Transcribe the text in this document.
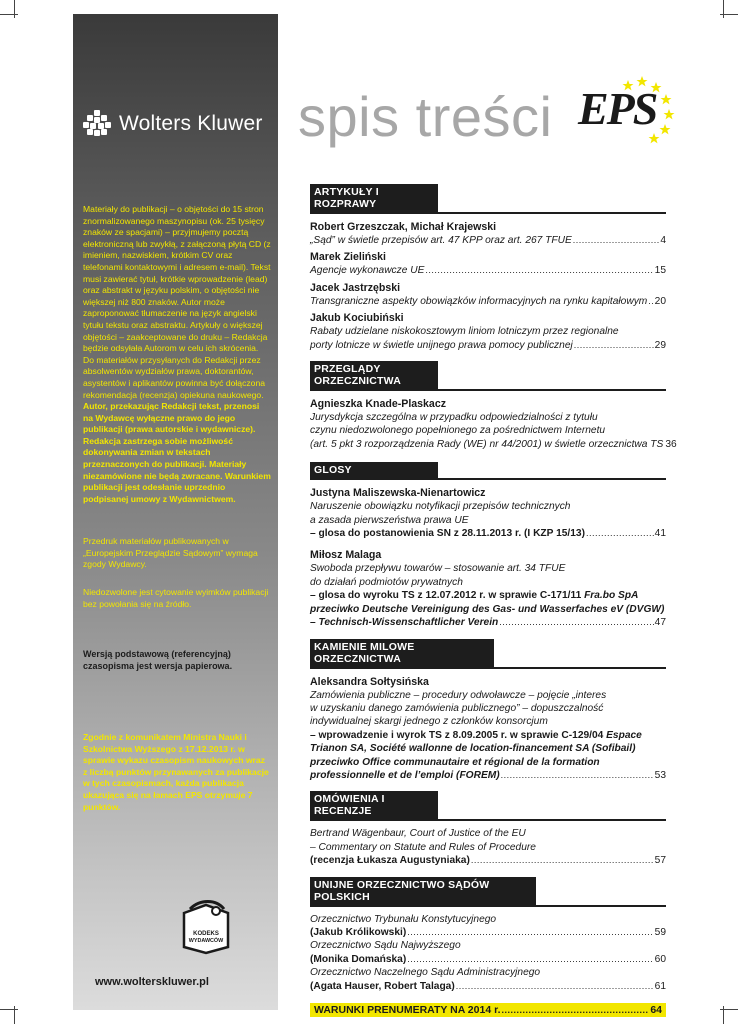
Wolters Kluwer
Materiały do publikacji – o objętości do 15 stron znormalizowanego maszynopisu (ok. 25 tysięcy znaków ze spacjami) – przyjmujemy pocztą elektroniczną lub zwykłą, z załączoną płytą CD (z imieniem, nazwiskiem, krótkim CV oraz telefonami kontaktowymi i adresem e-mail). Tekst musi zawierać tytuł, krótkie wprowadzenie (lead) oraz abstrakt w języku polskim, o objętości nie większej niż 800 znaków. Autor może zaproponować tłumaczenie na język angielski tytułu tekstu oraz abstraktu. Artykuły o większej objętości – zaakceptowane do druku – Redakcja będzie odsyłała Autorom w celu ich skrócenia. Do materiałów przysyłanych do Redakcji przez absolwentów wydziałów prawa, doktorantów, asystentów i aplikantów powinna być dołączona rekomendacja (recenzja) opiekuna naukowego. Autor, przekazując Redakcji tekst, przenosi na Wydawcę wyłączne prawo do jego publikacji (prawa autorskie i wydawnicze). Redakcja zastrzega sobie możliwość dokonywania zmian w tekstach przeznaczonych do publikacji. Materiały niezamówione nie będą zwracane. Warunkiem publikacji jest odesłanie uprzednio podpisanej umowy z Wydawnictwem.
Przedruk materiałów publikowanych w „Europejskim Przeglądzie Sądowym” wymaga zgody Wydawcy.
Niedozwolone jest cytowanie wyimków publikacji bez powołania się na źródło.
Wersją podstawową (referencyjną) czasopisma jest wersja papierowa.
Zgodnie z komunikatem Ministra Nauki i Szkolnictwa Wyższego z 17.12.2013 r. w sprawie wykazu czasopism naukowych wraz z liczbą punktów przynawanych za publikacje w tych czasopismach, każda publikacja ukazująca się na łamach EPS otrzymuje 7 punktów.
KODEKS
WYDAWCÓW
www.wolterskluwer.pl
spis treści EPS
ARTYKUŁY I ROZPRAWY
Robert Grzeszczak, Michał Krajewski
„Sąd” w świetle przepisów art. 47 KPP oraz art. 267 TFUE .....	4
Marek Zieliński
Agencje wykonawcze UE .....	15
Jacek Jastrzębski
Transgraniczne aspekty obowiązków informacyjnych na rynku kapitałowym ..... 20
Jakub Kociubiński
Rabaty udzielane niskokosztowym liniom lotniczym przez regionalne
porty lotnicze w świetle unijnego prawa pomocy publicznej .....	29
PRZEGLĄDY ORZECZNICTWA
Agnieszka Knade-Plaskacz
Jurysdykcja szczególna w przypadku odpowiedzialności z tytułu
czynu niedozwolonego popełnionego za pośrednictwem Internetu
(art. 5 pkt 3 rozporządzenia Rady (WE) nr 44/2001) w świetle orzecznictwa TS 36
GLOSY
Justyna Maliszewska-Nienartowicz
Naruszenie obowiązku notyfikacji przepisów technicznych
a zasada pierwszeństwa prawa UE
– glosa do postanowienia SN z 28.11.2013 r. (I KZP 15/13) .....	41
Miłosz Malaga
Swoboda przepływu towarów – stosowanie art. 34 TFUE
do działań podmiotów prywatnych
– glosa do wyroku TS z 12.07.2012 r. w sprawie C-171/11 Fra.bo SpA
przeciwko Deutsche Vereinigung des Gas- und Wasserfaches eV (DVGW)
– Technisch-Wissenschaftlicher Verein .....	47
KAMIENIE MILOWE ORZECZNICTWA
Aleksandra Sołtysińska
Zamówienia publiczne – procedury odwoławcze – pojęcie „interes
w uzyskaniu danego zamówienia publicznego” – dopuszczalność
indywidualnej skargi jednego z członków konsorcjum
– wprowadzenie i wyrok TS z 8.09.2005 r. w sprawie C-129/04 Espace
Trianon SA, Société wallonne de location-financement SA (Sofibail)
przeciwko Office communautaire et régional de la formation
professionnelle et de l’emploi (FOREM) .....	53
OMÓWIENIA I RECENZJE
Bertrand Wägenbaur, Court of Justice of the EU
– Commentary on Statute and Rules of Procedure
(recenzja Łukasza Augustyniaka) .....	57
UNIJNE ORZECZNICTWO SĄDÓW POLSKICH
Orzecznictwo Trybunału Konstytucyjnego
(Jakub Królikowski) .....	59
Orzecznictwo Sądu Najwyższego
(Monika Domańska) .....	60
Orzecznictwo Naczelnego Sądu Administracyjnego
(Agata Hauser, Robert Talaga) .....	61
WARUNKI PRENUMERATY NA 2014 r. .....	64
